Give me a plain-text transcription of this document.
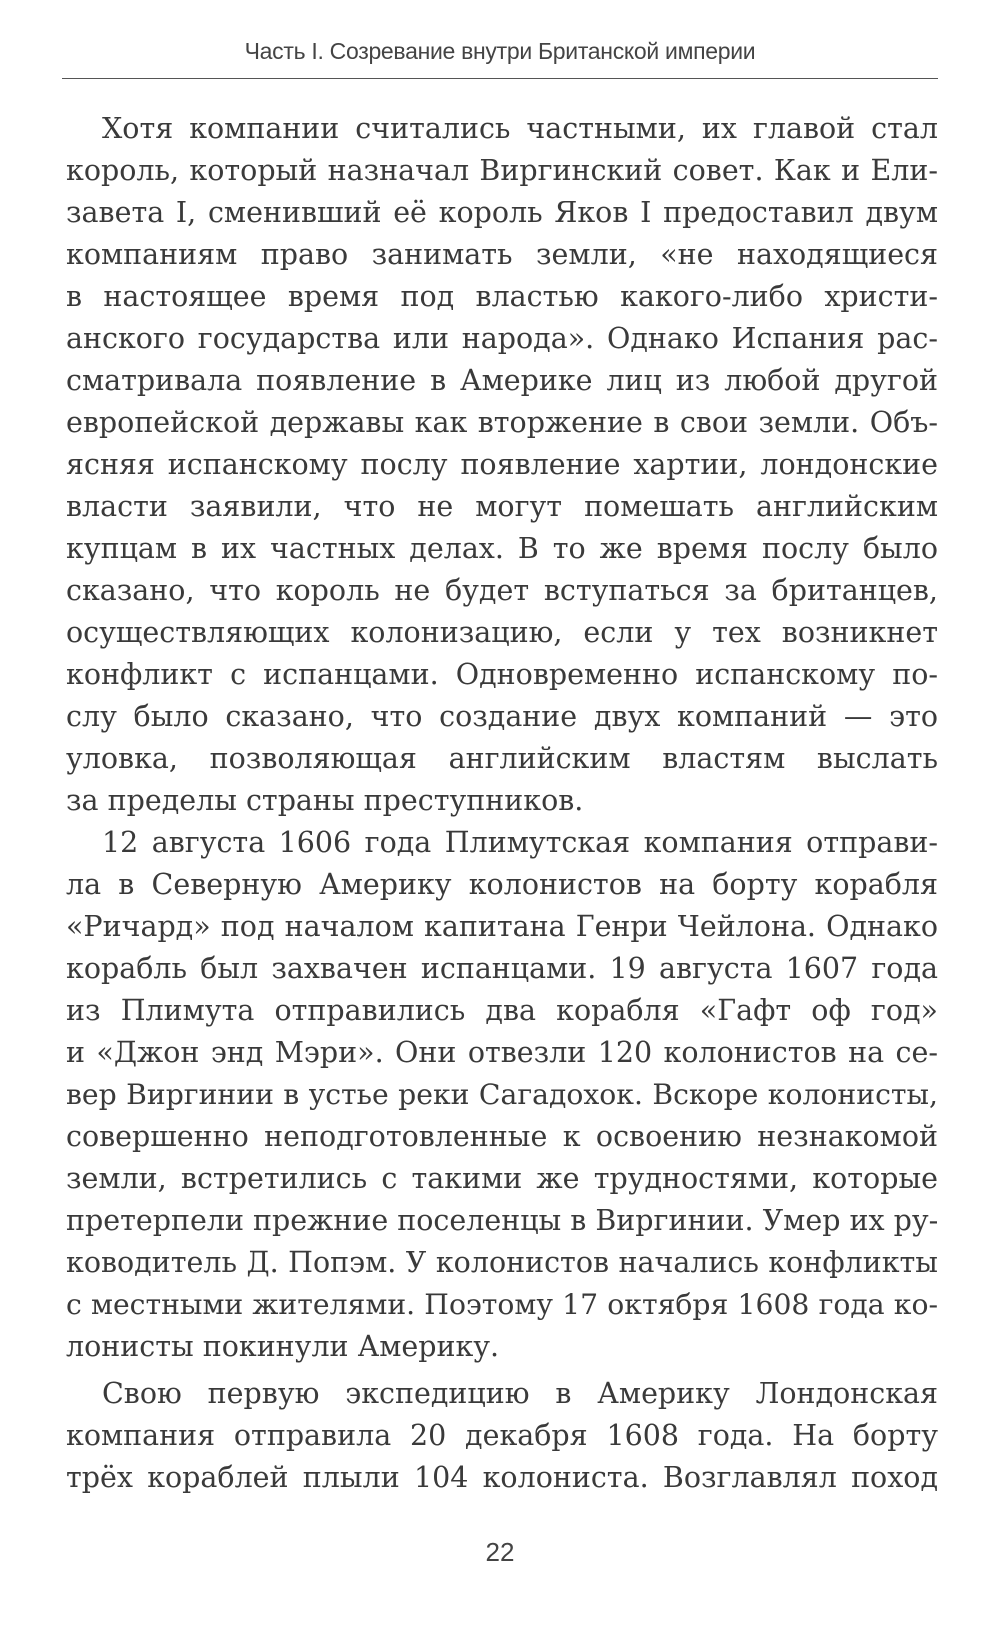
Часть I. Созревание внутри Британской империи
Хотя компании считались частными, их главой стал
король, который назначал Виргинский совет. Как и Ели-
завета I, сменивший её король Яков I предоставил двум
компаниям право занимать земли, «не находящиеся
в настоящее время под властью какого-либо христи-
анского государства или народа». Однако Испания рас-
сматривала появление в Америке лиц из любой другой
европейской державы как вторжение в свои земли. Объ-
ясняя испанскому послу появление хартии, лондонские
власти заявили, что не могут помешать английским
купцам в их частных делах. В то же время послу было
сказано, что король не будет вступаться за британцев,
осуществляющих колонизацию, если у тех возникнет
конфликт с испанцами. Одновременно испанскому по-
слу было сказано, что создание двух компаний — это
уловка, позволяющая английским властям выслать
за пределы страны преступников.
12 августа 1606 года Плимутская компания отправи-
ла в Северную Америку колонистов на борту корабля
«Ричард» под началом капитана Генри Чейлона. Однако
корабль был захвачен испанцами. 19 августа 1607 года
из Плимута отправились два корабля «Гафт оф год»
и «Джон энд Мэри». Они отвезли 120 колонистов на се-
вер Виргинии в устье реки Сагадохок. Вскоре колонисты,
совершенно неподготовленные к освоению незнакомой
земли, встретились с такими же трудностями, которые
претерпели прежние поселенцы в Виргинии. Умер их ру-
ководитель Д. Попэм. У колонистов начались конфликты
с местными жителями. Поэтому 17 октября 1608 года ко-
лонисты покинули Америку.
Свою первую экспедицию в Америку Лондонская
компания отправила 20 декабря 1608 года. На борту
трёх кораблей плыли 104 колониста. Возглавлял поход
22
